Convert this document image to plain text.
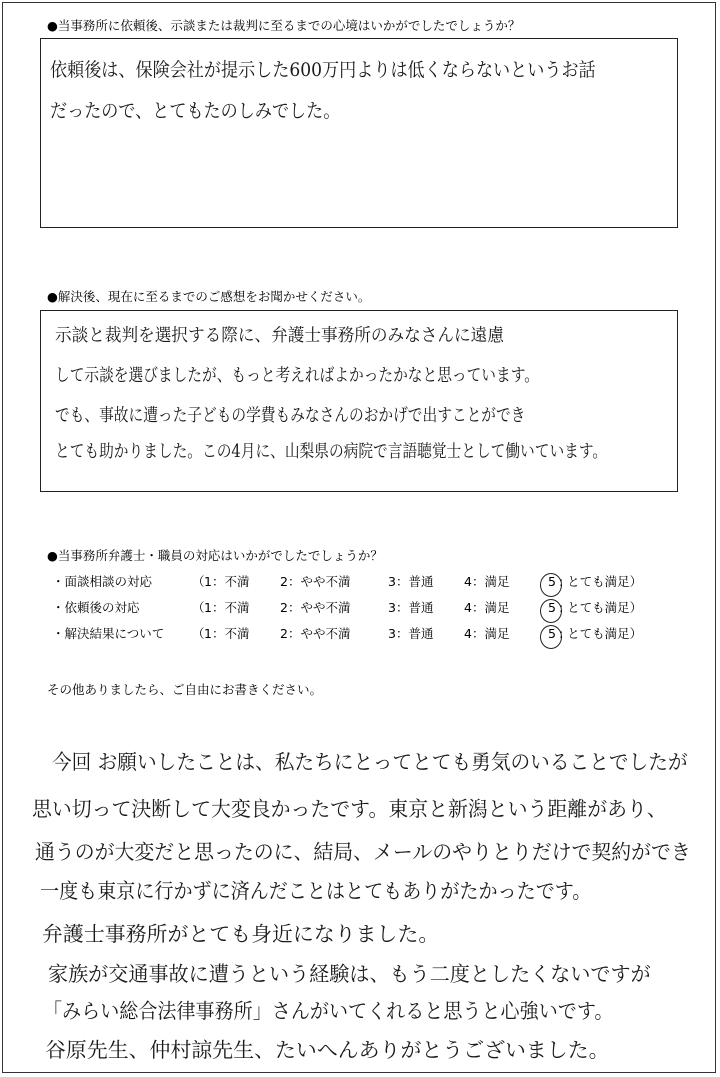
●当事務所に依頼後、示談または裁判に至るまでの心境はいかがでしたでしょうか？
依頼後は、保険会社が提示した600万円よりは低くならないというお話
だったので、とてもたのしみでした。
●解決後、現在に至るまでのご感想をお聞かせください。
示談と裁判を選択する際に、弁護士事務所のみなさんに遠慮
して示談を選びましたが、もっと考えればよかったかなと思っています。
でも、事故に遭った子どもの学費もみなさんのおかげで出すことができ
とても助かりました。この4月に、山梨県の病院で言語聴覚士として働いています。
●当事務所弁護士・職員の対応はいかがでしたでしょうか？
・面談相談の対応	（ 1：不満 2：やや不満	3：普通 4：満足	5 : とても満足）
・依頼後の対応	（ 1：不満 2：やや不満	3：普通 4：満足	5 : とても満足）
・解決結果について （ 1：不満 2：やや不満	3：普通 4：満足	5 : とても満足）
その他ありましたら、ご自由にお書きください。
今回 お願いしたことは、私たちにとってとても勇気のいることでしたが
思い切って決断して大変良かったです。東京と新潟という距離があり、
通うのが大変だと思ったのに、結局、メールのやりとりだけで契約ができ
一度も東京に行かずに済んだことはとてもありがたかったです。
弁護士事務所がとても身近になりました。
家族が交通事故に遭うという経験は、もう二度としたくないですが
「みらい総合法律事務所」さんがいてくれると思うと心強いです。
谷原先生、仲村諒先生、たいへんありがとうございました。
